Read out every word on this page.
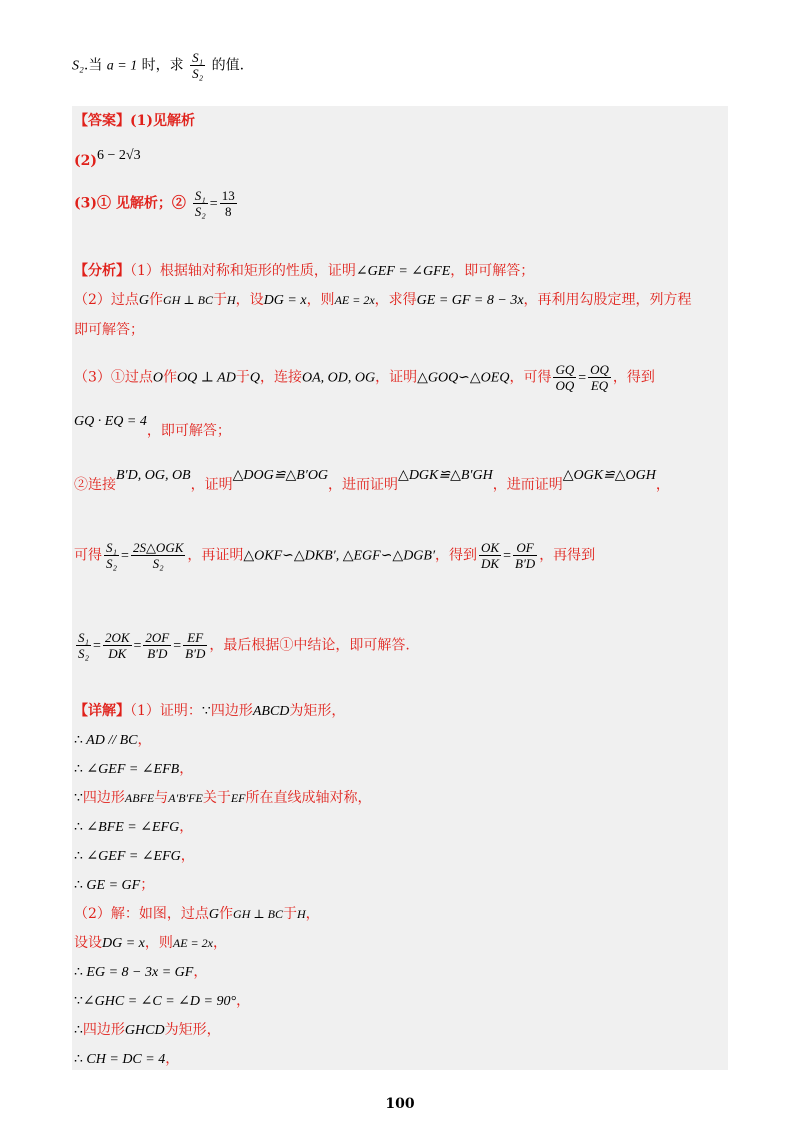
S₂.当 a = 1 时，求 $\frac{\text{S₁}}{\text{S₂}}$ 的值.
【答案】(1)见解析
(2)6 − 2√3
(3)① 见解析；② $\frac{\text{S₁}}{\text{S₂}} = \frac{13}{8}$
【分析】（1）根据轴对称和矩形的性质，证明∠GEF = ∠GFE，即可解答；
（2）过点G作GH ⊥ BC于H，设DG = x，则AE = 2x，求得GE = GF = 8 − 3x，再利用勾股定理，列方程
即可解答；
（3）①过点O作OQ ⊥ AD于Q，连接OA, OD, OG，证明△GOQ∽△OEQ，可得 $\frac{GQ}{OQ} = \frac{OQ}{EQ}$ ，得到
GQ · EQ = 4，即可解答；
②连接B′D, OG, OB，证明△DOG≌△B′OG，进而证明△DGK≌△B′GH，进而证明△OGK≌△OGH，
可得 $\frac{\text{S₁}}{\text{S₂}} = \frac{\text{2S△OGK}}{\text{S₂}}$ ，再证明△OKF∽△DKB′, △EGF∽△DGB′，得到 $\frac{OK}{DK} = \frac{OF}{B'D}$ ，再得到
$\frac{\text{S₁}}{\text{S₂}} = \frac{2OK}{DK} = \frac{2OF}{B'D} = \frac{EF}{B'D}$ ，最后根据①中结论，即可解答.
【详解】（1）证明：∵四边形ABCD为矩形，
∴ AD // BC，
∴ ∠GEF = ∠EFB，
∵四边形ABFE与A′B′FE关于EF所在直线成轴对称，
∴ ∠BFE = ∠EFG，
∴ ∠GEF = ∠EFG，
∴ GE = GF；
（2）解：如图，过点G作GH ⊥ BC于H，
设设DG = x，则AE = 2x，
∴ EG = 8 − 3x = GF，
∵∠GHC = ∠C = ∠D = 90°，
∴四边形GHCD为矩形，
∴ CH = DC = 4，
100
